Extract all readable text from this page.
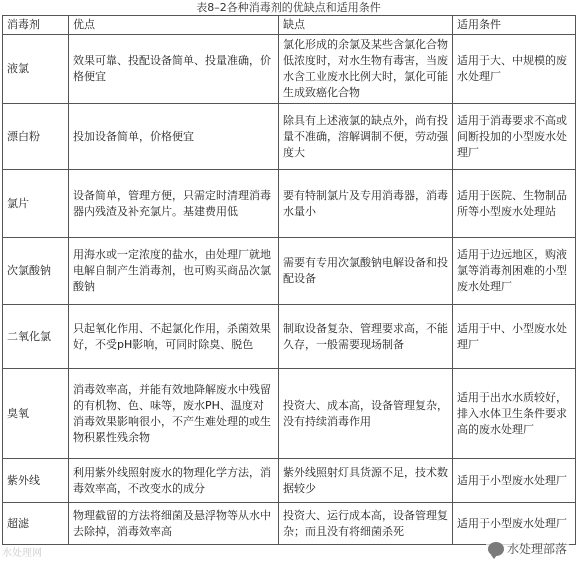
表8–2各种消毒剂的优缺点和适用条件
消毒剂	优点	缺点	适用条件
液氯	效果可靠、投配设备简单、投量准确，价格便宜	氯化形成的余氯及某些含氯化合物低浓度时，对水生物有毒害，当废水含工业废水比例大时，氯化可能生成致癌化合物	适用于大、中规模的废水处理厂
漂白粉	投加设备简单，价格便宜	除具有上述液氯的缺点外，尚有投量不准确，溶解调制不便，劳动强度大	适用于消毒要求不高或间断投加的小型废水处理厂
氯片	设备简单，管理方便，只需定时清理消毒器内残渣及补充氯片。基建费用低	要有特制氯片及专用消毒器，消毒水量小	适用于医院、生物制品所等小型废水处理站
次氯酸钠	用海水或一定浓度的盐水，由处理厂就地电解自制产生消毒剂，也可购买商品次氯酸钠	需要有专用次氯酸钠电解设备和投配设备	适用于边远地区，购液氯等消毒剂困难的小型废水处理厂
二氧化氯	只起氧化作用、不起氯化作用，杀菌效果好，不受pH影响，可同时除臭、脱色	制取设备复杂、管理要求高，不能久存，一般需要现场制备	适用于中、小型废水处理厂
臭氧	消毒效率高，并能有效地降解废水中残留的有机物、色、味等，废水PH、温度对消毒效果影响很小，不产生难处理的或生物积累性残余物	投资大、成本高，设备管理复杂，没有持续消毒作用	适用于出水水质较好，排入水体卫生条件要求高的废水处理厂
紫外线	利用紫外线照射废水的物理化学方法，消毒效率高，不改变水的成分	紫外线照射灯具货源不足，技术数据较少	适用于小型废水处理厂
超滤	物理截留的方法将细菌及悬浮物等从水中去除掉，消毒效率高	投资大、运行成本高，设备管理复杂；而且没有将细菌杀死	适用于小型废水处理厂
水处理网	水处理部落
